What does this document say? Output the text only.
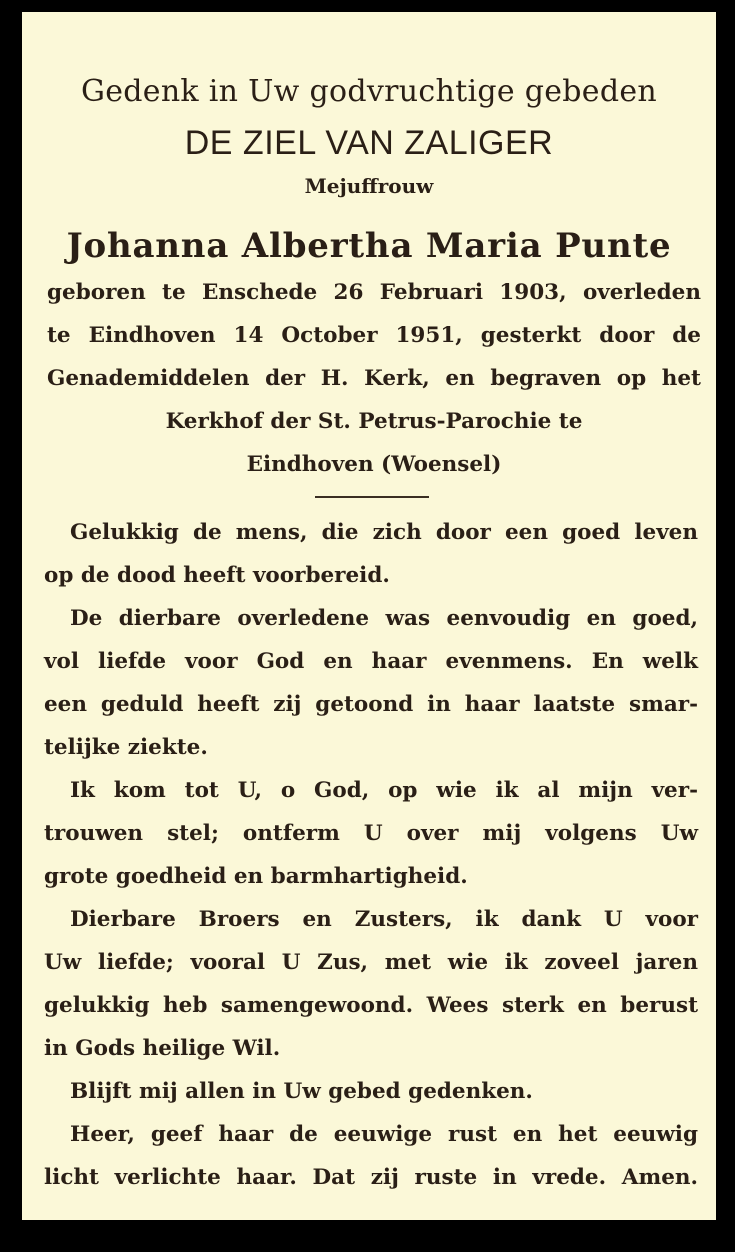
Gedenk in Uw godvruchtige gebeden
DE ZIEL VAN ZALIGER
Mejuffrouw
Johanna Albertha Maria Punte
geboren te Enschede 26 Februari 1903, overleden
te Eindhoven 14 October 1951, gesterkt door de
Genademiddelen der H. Kerk, en begraven op het
Kerkhof der St. Petrus-Parochie te
Eindhoven (Woensel)
Gelukkig de mens, die zich door een goed leven
op de dood heeft voorbereid.
De dierbare overledene was eenvoudig en goed,
vol liefde voor God en haar evenmens. En welk
een geduld heeft zij getoond in haar laatste smar-
telijke ziekte.
Ik kom tot U, o God, op wie ik al mijn ver-
trouwen stel; ontferm U over mij volgens Uw
grote goedheid en barmhartigheid.
Dierbare Broers en Zusters, ik dank U voor
Uw liefde; vooral U Zus, met wie ik zoveel jaren
gelukkig heb samengewoond. Wees sterk en berust
in Gods heilige Wil.
Blijft mij allen in Uw gebed gedenken.
Heer, geef haar de eeuwige rust en het eeuwig
licht verlichte haar. Dat zij ruste in vrede. Amen.
